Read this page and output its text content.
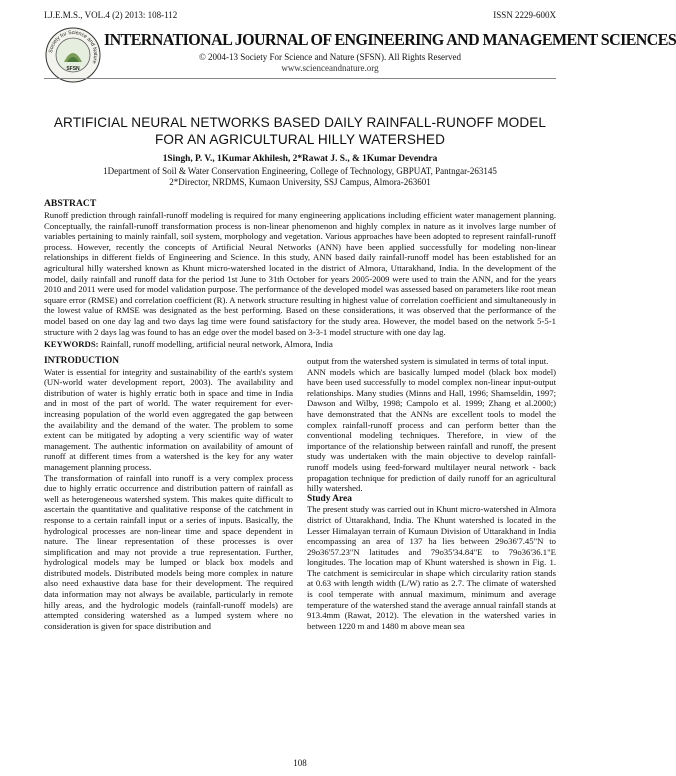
I.J.E.M.S., VOL.4 (2) 2013: 108-112	ISSN 2229-600X
Society for Science and Nature
SFSN
INTERNATIONAL JOURNAL OF ENGINEERING AND MANAGEMENT SCIENCES
© 2004-13 Society For Science and Nature (SFSN). All Rights Reserved
www.scienceandnature.org
ARTIFICIAL NEURAL NETWORKS BASED DAILY RAINFALL-RUNOFF MODEL FOR AN AGRICULTURAL HILLY WATERSHED
1Singh, P. V., 1Kumar Akhilesh, 2*Rawat J. S., & 1Kumar Devendra
1Department of Soil & Water Conservation Engineering, College of Technology, GBPUAT, Pantngar-263145
2*Director, NRDMS, Kumaon University, SSJ Campus, Almora-263601
ABSTRACT
Runoff prediction through rainfall-runoff modeling is required for many engineering applications including efficient water management planning. Conceptually, the rainfall-runoff transformation process is non-linear phenomenon and highly complex in nature as it involves large number of variables pertaining to mainly rainfall, soil system, morphology and vegetation. Various approaches have been adopted to represent rainfall-runoff process. However, recently the concepts of Artificial Neural Networks (ANN) have been applied successfully for modeling non-linear relationships in different fields of Engineering and Science. In this study, ANN based daily rainfall-runoff model has been established for an agricultural hilly watershed known as Khunt micro-watershed located in the district of Almora, Uttarakhand, India. In the development of the model, daily rainfall and runoff data for the period 1st June to 31th October for years 2005-2009 were used to train the ANN, and for the years 2010 and 2011 were used for model validation purpose. The performance of the developed model was assessed based on parameters like root mean square error (RMSE) and correlation coefficient (R). A network structure resulting in highest value of correlation coefficient and simultaneously in the lowest value of RMSE was designated as the best performing. Based on these considerations, it was observed that the performance of the model based on one day lag and two days lag time were found satisfactory for the study area. However, the model based on the network 5-5-1 structure with 2 days lag was found to has an edge over the model based on 3-3-1 model structure with one day lag.
KEYWORDS: Rainfall, runoff modelling, artificial neural network, Almora, India

INTRODUCTION

Water is essential for integrity and sustainability of the earth's system (UN-world water development report, 2003). The availability and distribution of water is highly erratic both in space and time in India and in most of the part of world. The water requirement for ever-increasing population of the world even aggregated the gap between the availability and the demand of the water. The problem to some extent can be mitigated by adopting a very scientific way of water management. The authentic information on availability of amount of runoff at different times from a watershed is the key for any water management planning process.

The transformation of rainfall into runoff is a very complex process due to highly erratic occurrence and distribution pattern of rainfall as well as heterogeneous watershed system. This makes quite difficult to ascertain the quantitative and qualitative response of the catchment in response to a certain rainfall input or a series of inputs. Basically, the hydrological processes are non-linear time and space dependent in nature. The linear representation of these processes is over simplification and may not provide a true representation. Further, hydrological models may be lumped or black box models and distributed models. Distributed models being more complex in nature also need exhaustive data base for their development. The required data information may not always be available, particularly in remote hilly areas, and the hydrologic models (rainfall-runoff models) are attempted considering watershed as a lumped system where no consideration is given for space distribution and

output from the watershed system is simulated in terms of total input.

ANN models which are basically lumped model (black box model) have been used successfully to model complex non-linear input-output relationships. Many studies (Minns and Hall, 1996; Shamseldin, 1997; Dawson and Wilby, 1998; Campolo et al. 1999; Zhang et al.2000;) have demonstrated that the ANNs are excellent tools to model the complex rainfall-runoff process and can perform better than the conventional modeling techniques. Therefore, in view of the importance of the relationship between rainfall and runoff, the present study was undertaken with the main objective to develop rainfall-runoff models using feed-forward multilayer neural network - back propagation technique for prediction of daily runoff for an agricultural hilly watershed.

Study Area

The present study was carried out in Khunt micro-watershed in Almora district of Uttarakhand, India. The Khunt watershed is located in the Lesser Himalayan terrain of Kumaun Division of Uttarakhand in India encompassing an area of 137 ha lies between 29o36'7.45"N to 29o36'57.23"N latitudes and 79o35'34.84"E to 79o36'36.1"E longitudes. The location map of Khunt watershed is shown in Fig. 1. The catchment is semicircular in shape which circularity ration stands at 0.63 with length width (L/W) ratio as 2.7. The climate of watershed is cool temperate with annual maximum, minimum and average temperature of the watershed stand the average annual rainfall stands at 913.4mm (Rawat, 2012). The elevation in the watershed varies in between 1220 m and 1480 m above mean sea

108
